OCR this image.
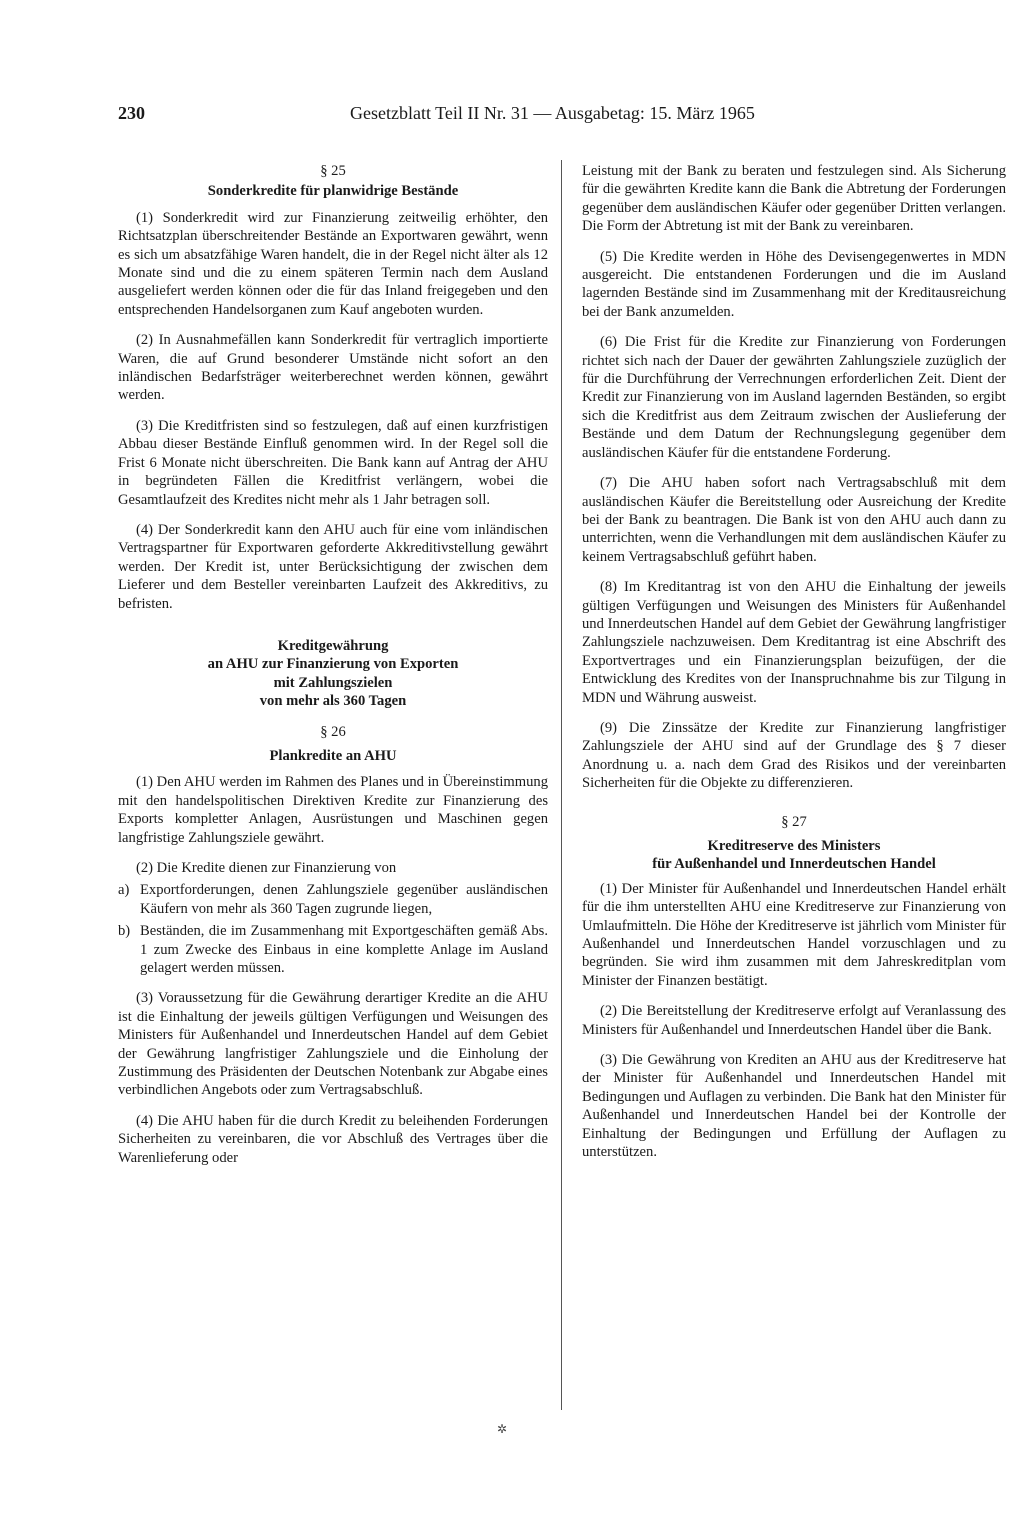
230	Gesetzblatt Teil II Nr. 31 — Ausgabetag: 15. März 1965

§ 25

Sonderkredite für planwidrige Bestände

(1) Sonderkredit wird zur Finanzierung zeitweilig erhöhter, den Richtsatzplan überschreitender Bestände an Exportwaren gewährt, wenn es sich um absatzfähige Waren handelt, die in der Regel nicht älter als 12 Monate sind und die zu einem späteren Termin nach dem Ausland ausgeliefert werden können oder die für das Inland freigegeben und den entsprechenden Handelsorganen zum Kauf angeboten wurden.

(2) In Ausnahmefällen kann Sonderkredit für vertraglich importierte Waren, die auf Grund besonderer Umstände nicht sofort an den inländischen Bedarfsträger weiterberechnet werden können, gewährt werden.

(3) Die Kreditfristen sind so festzulegen, daß auf einen kurzfristigen Abbau dieser Bestände Einfluß genommen wird. In der Regel soll die Frist 6 Monate nicht überschreiten. Die Bank kann auf Antrag der AHU in begründeten Fällen die Kreditfrist verlängern, wobei die Gesamtlaufzeit des Kredites nicht mehr als 1 Jahr betragen soll.

(4) Der Sonderkredit kann den AHU auch für eine vom inländischen Vertragspartner für Exportwaren geforderte Akkreditivstellung gewährt werden. Der Kredit ist, unter Berücksichtigung der zwischen dem Lieferer und dem Besteller vereinbarten Laufzeit des Akkreditivs, zu befristen.

Kreditgewährung

an AHU zur Finanzierung von Exporten

mit Zahlungszielen

von mehr als 360 Tagen

§ 26

Plankredite an AHU

(1) Den AHU werden im Rahmen des Planes und in Übereinstimmung mit den handelspolitischen Direktiven Kredite zur Finanzierung des Exports kompletter Anlagen, Ausrüstungen und Maschinen gegen langfristige Zahlungsziele gewährt.

(2) Die Kredite dienen zur Finanzierung von

a) Exportforderungen, denen Zahlungsziele gegenüber ausländischen Käufern von mehr als 360 Tagen zugrunde liegen,
b) Beständen, die im Zusammenhang mit Exportgeschäften gemäß Abs. 1 zum Zwecke des Einbaus in eine komplette Anlage im Ausland gelagert werden müssen.

(3) Voraussetzung für die Gewährung derartiger Kredite an die AHU ist die Einhaltung der jeweils gültigen Verfügungen und Weisungen des Ministers für Außenhandel und Innerdeutschen Handel auf dem Gebiet der Gewährung langfristiger Zahlungsziele und die Einholung der Zustimmung des Präsidenten der Deutschen Notenbank zur Abgabe eines verbindlichen Angebots oder zum Vertragsabschluß.

(4) Die AHU haben für die durch Kredit zu beleihenden Forderungen Sicherheiten zu vereinbaren, die vor Abschluß des Vertrages über die Warenlieferung oder

Leistung mit der Bank zu beraten und festzulegen sind. Als Sicherung für die gewährten Kredite kann die Bank die Abtretung der Forderungen gegenüber dem ausländischen Käufer oder gegenüber Dritten verlangen. Die Form der Abtretung ist mit der Bank zu vereinbaren.

(5) Die Kredite werden in Höhe des Devisengegenwertes in MDN ausgereicht. Die entstandenen Forderungen und die im Ausland lagernden Bestände sind im Zusammenhang mit der Kreditausreichung bei der Bank anzumelden.

(6) Die Frist für die Kredite zur Finanzierung von Forderungen richtet sich nach der Dauer der gewährten Zahlungsziele zuzüglich der für die Durchführung der Verrechnungen erforderlichen Zeit. Dient der Kredit zur Finanzierung von im Ausland lagernden Beständen, so ergibt sich die Kreditfrist aus dem Zeitraum zwischen der Auslieferung der Bestände und dem Datum der Rechnungslegung gegenüber dem ausländischen Käufer für die entstandene Forderung.

(7) Die AHU haben sofort nach Vertragsabschluß mit dem ausländischen Käufer die Bereitstellung oder Ausreichung der Kredite bei der Bank zu beantragen. Die Bank ist von den AHU auch dann zu unterrichten, wenn die Verhandlungen mit dem ausländischen Käufer zu keinem Vertragsabschluß geführt haben.

(8) Im Kreditantrag ist von den AHU die Einhaltung der jeweils gültigen Verfügungen und Weisungen des Ministers für Außenhandel und Innerdeutschen Handel auf dem Gebiet der Gewährung langfristiger Zahlungsziele nachzuweisen. Dem Kreditantrag ist eine Abschrift des Exportvertrages und ein Finanzierungsplan beizufügen, der die Entwicklung des Kredites von der Inanspruchnahme bis zur Tilgung in MDN und Währung ausweist.

(9) Die Zinssätze der Kredite zur Finanzierung langfristiger Zahlungsziele der AHU sind auf der Grundlage des § 7 dieser Anordnung u. a. nach dem Grad des Risikos und der vereinbarten Sicherheiten für die Objekte zu differenzieren.

§ 27

Kreditreserve des Ministers

für Außenhandel und Innerdeutschen Handel

(1) Der Minister für Außenhandel und Innerdeutschen Handel erhält für die ihm unterstellten AHU eine Kreditreserve zur Finanzierung von Umlaufmitteln. Die Höhe der Kreditreserve ist jährlich vom Minister für Außenhandel und Innerdeutschen Handel vorzuschlagen und zu begründen. Sie wird ihm zusammen mit dem Jahreskreditplan vom Minister der Finanzen bestätigt.

(2) Die Bereitstellung der Kreditreserve erfolgt auf Veranlassung des Ministers für Außenhandel und Innerdeutschen Handel über die Bank.

(3) Die Gewährung von Krediten an AHU aus der Kreditreserve hat der Minister für Außenhandel und Innerdeutschen Handel mit Bedingungen und Auflagen zu verbinden. Die Bank hat den Minister für Außenhandel und Innerdeutschen Handel bei der Kontrolle der Einhaltung der Bedingungen und Erfüllung der Auflagen zu unterstützen.

✲
